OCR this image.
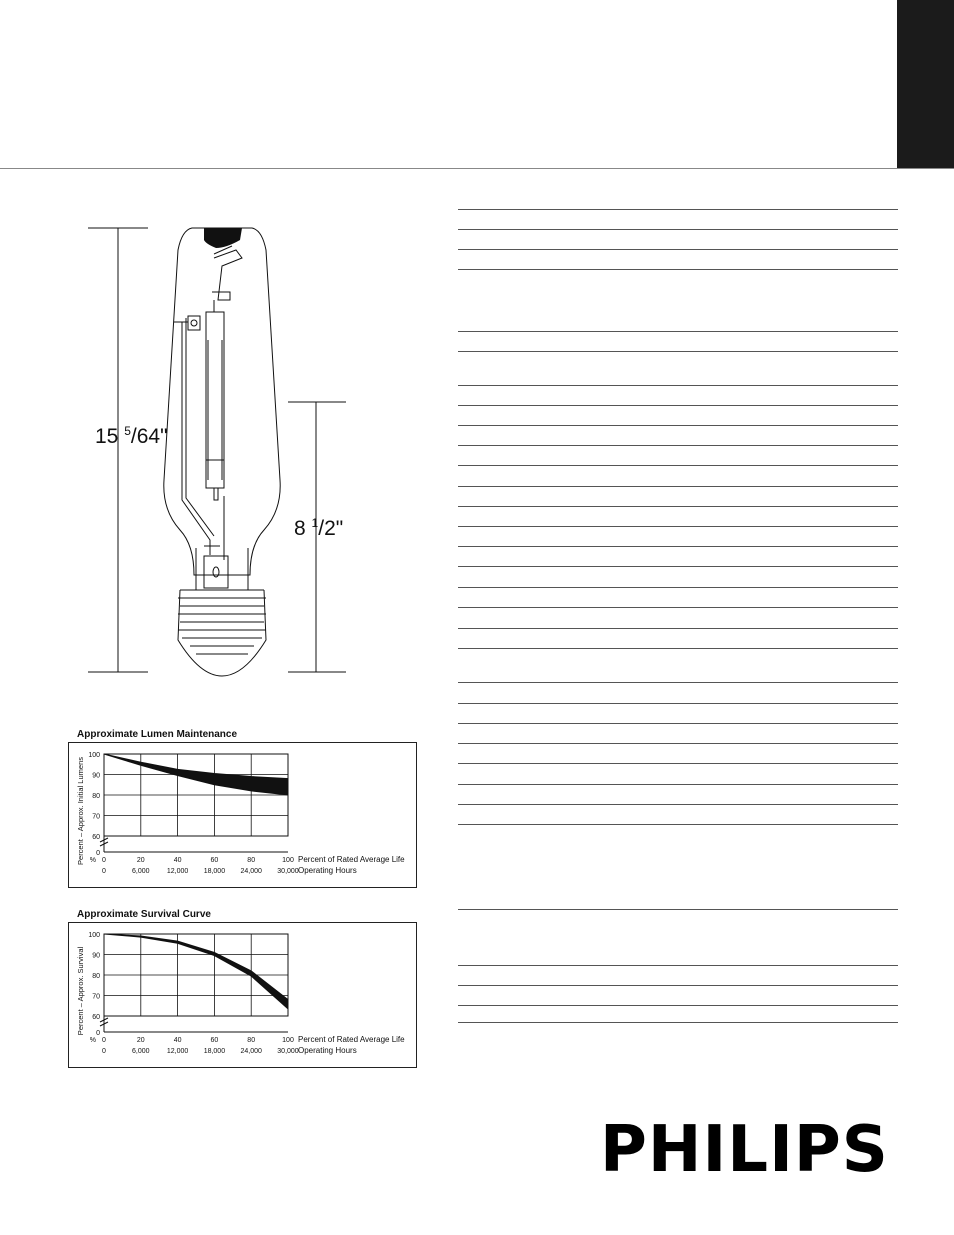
15 $^5$/64"
8 $^1$/2"
Approximate Lumen Maintenance
100
90
80
70
60
0
0	20	40	60	80	100
0	6,000 12,000 18,000 24,000 30,000
%	Percent of Rated Average Life
Operating Hours
Percent – Approx. Initial Lumens
Approximate Survival Curve
100
90
80
70
60
0
0	20	40	60	80	100
0	6,000 12,000 18,000 24,000 30,000
%	Percent of Rated Average Life
Operating Hours
Percent – Approx. Survival
PHILIPS
